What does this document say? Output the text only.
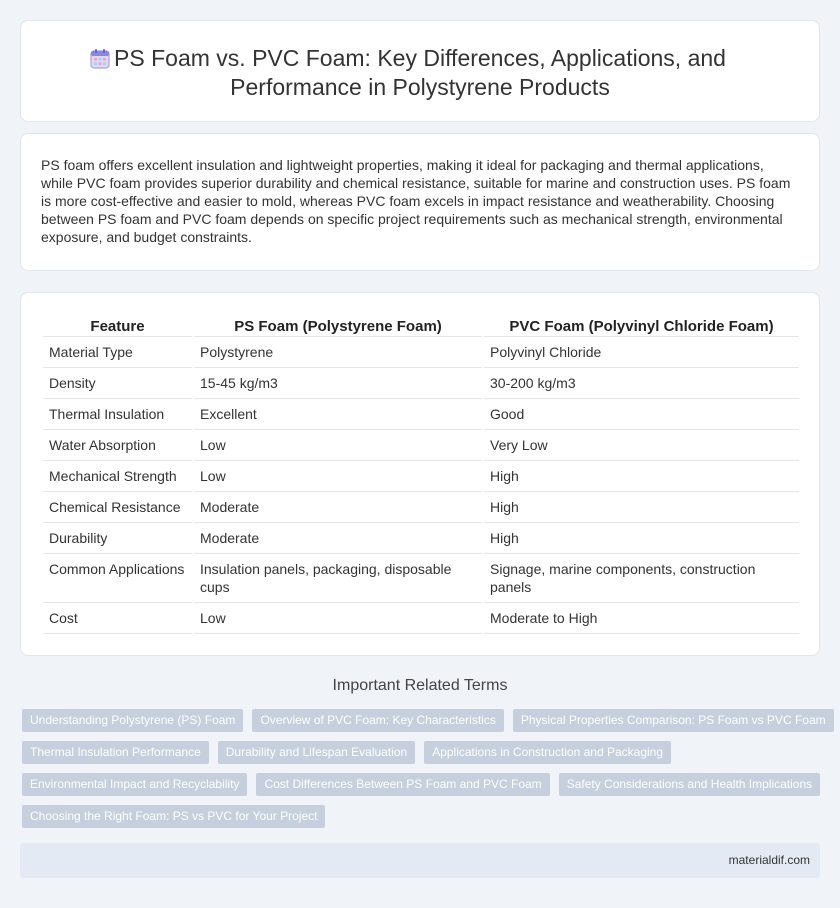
PS Foam vs. PVC Foam: Key Differences, Applications, and
Performance in Polystyrene Products

PS foam offers excellent insulation and lightweight properties, making it ideal for packaging and thermal applications, while PVC foam provides superior durability and chemical resistance, suitable for marine and construction uses. PS foam is more cost-effective and easier to mold, whereas PVC foam excels in impact resistance and weatherability. Choosing between PS foam and PVC foam depends on specific project requirements such as mechanical strength, environmental exposure, and budget constraints.

Feature	PS Foam (Polystyrene Foam)	PVC Foam (Polyvinyl Chloride Foam)
Material Type	Polystyrene	Polyvinyl Chloride
Density	15-45 kg/m3	30-200 kg/m3
Thermal Insulation	Excellent	Good
Water Absorption	Low	Very Low
Mechanical Strength	Low	High
Chemical Resistance	Moderate	High
Durability	Moderate	High
Common Applications	Insulation panels, packaging, disposable cups	Signage, marine components, construction panels
Cost	Low	Moderate to High
Important Related Terms
Understanding Polystyrene (PS) Foam	Overview of PVC Foam: Key Characteristics	Physical Properties Comparison: PS Foam vs PVC Foam
Thermal Insulation Performance	Durability and Lifespan Evaluation	Applications in Construction and Packaging
Environmental Impact and Recyclability	Cost Differences Between PS Foam and PVC Foam	Safety Considerations and Health Implications
Choosing the Right Foam: PS vs PVC for Your Project
materialdif.com
